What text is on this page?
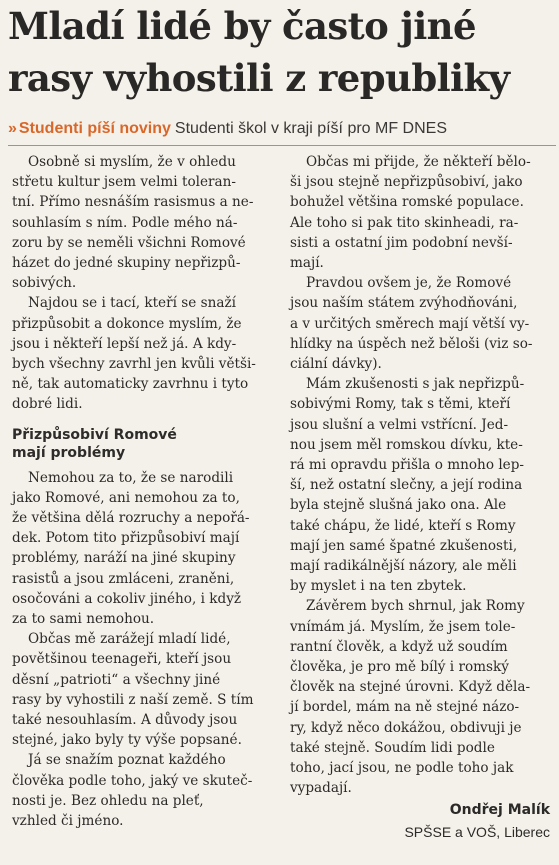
Mladí lidé by často jiné
rasy vyhostili z republiky
» Studenti píší noviny Studenti škol v kraji píší pro MF DNES

Osobně si myslím, že v ohledu
střetu kultur jsem velmi toleran-
tní. Přímo nesnáším rasismus a ne-
souhlasím s ním. Podle mého ná-
zoru by se neměli všichni Romové
házet do jedné skupiny nepřizpů-
sobivých.

Najdou se i tací, kteří se snaží
přizpůsobit a dokonce myslím, že
jsou i někteří lepší než já. A kdy-
bych všechny zavrhl jen kvůli větši-
ně, tak automaticky zavrhnu i tyto
dobré lidi.

Přizpůsobiví Romové
mají problémy

Nemohou za to, že se narodili
jako Romové, ani nemohou za to,
že většina dělá rozruchy a nepořá-
dek. Potom tito přizpůsobiví mají
problémy, naráží na jiné skupiny
rasistů a jsou zmláceni, zraněni,
osočováni a cokoliv jiného, i když
za to sami nemohou.

Občas mě zarážejí mladí lidé,
povětšinou teenageři, kteří jsou
děsní „patrioti“ a všechny jiné
rasy by vyhostili z naší země. S tím
také nesouhlasím. A důvody jsou
stejné, jako byly ty výše popsané.

Já se snažím poznat každého
člověka podle toho, jaký ve skuteč-
nosti je. Bez ohledu na pleť,
vzhled či jméno.

Občas mi přijde, že někteří bělo-
ši jsou stejně nepřizpůsobiví, jako
bohužel většina romské populace.
Ale toho si pak tito skinheadi, ra-
sisti a ostatní jim podobní nevší-
mají.

Pravdou ovšem je, že Romové
jsou naším státem zvýhodňováni,
a v určitých směrech mají větší vy-
hlídky na úspěch než běloši (viz so-
ciální dávky).

Mám zkušenosti s jak nepřizpů-
sobivými Romy, tak s těmi, kteří
jsou slušní a velmi vstřícní. Jed-
nou jsem měl romskou dívku, kte-
rá mi opravdu přišla o mnoho lep-
ší, než ostatní slečny, a její rodina
byla stejně slušná jako ona. Ale
také chápu, že lidé, kteří s Romy
mají jen samé špatné zkušenosti,
mají radikálnější názory, ale měli
by myslet i na ten zbytek.

Závěrem bych shrnul, jak Romy
vnímám já. Myslím, že jsem tole-
rantní člověk, a když už soudím
člověka, je pro mě bílý i romský
člověk na stejné úrovni. Když děla-
jí bordel, mám na ně stejné názo-
ry, když něco dokážou, obdivuji je
také stejně. Soudím lidi podle
toho, jací jsou, ne podle toho jak
vypadají.

Ondřej Malík
SPŠSE a VOŠ, Liberec
